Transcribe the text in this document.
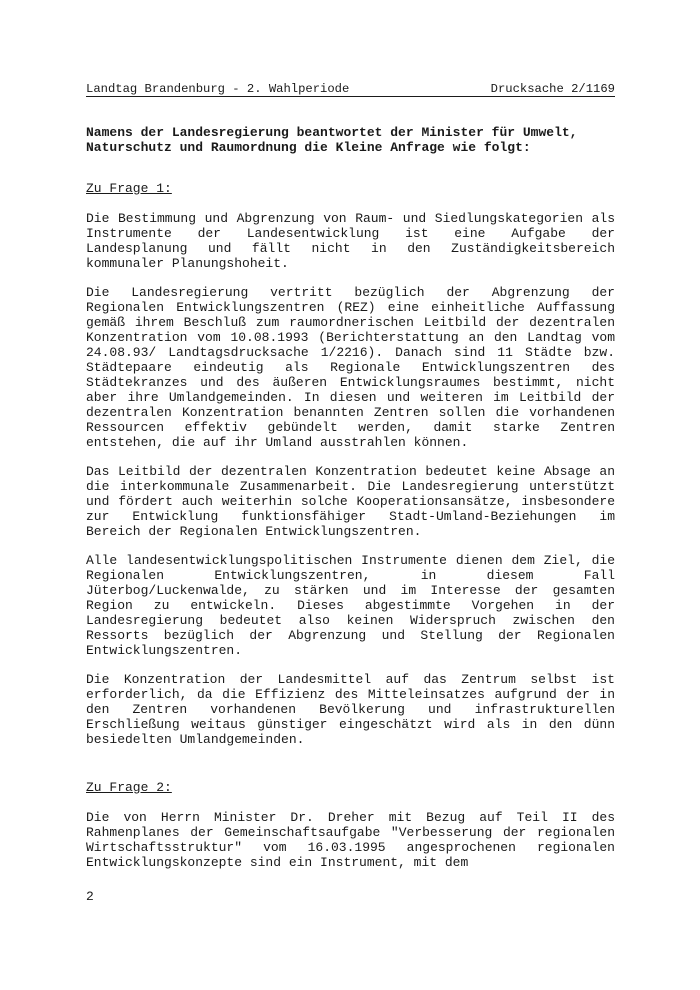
Landtag Brandenburg - 2. Wahlperiode	Drucksache 2/1169
Namens der Landesregierung beantwortet der Minister für Umwelt, Naturschutz und Raumordnung die Kleine Anfrage wie folgt:
Zu Frage 1:
Die Bestimmung und Abgrenzung von Raum- und Siedlungskategorien als Instrumente der Landesentwicklung ist eine Aufgabe der Landesplanung und fällt nicht in den Zuständigkeitsbereich kommunaler Planungshoheit.
Die Landesregierung vertritt bezüglich der Abgrenzung der Regionalen Entwicklungszentren (REZ) eine einheitliche Auffassung gemäß ihrem Beschluß zum raumordnerischen Leitbild der dezentralen Konzentration vom 10.08.1993 (Berichterstattung an den Landtag vom 24.08.93/ Landtagsdrucksache 1/2216). Danach sind 11 Städte bzw. Städtepaare eindeutig als Regionale Entwicklungszentren des Städtekranzes und des äußeren Entwicklungsraumes bestimmt, nicht aber ihre Umlandgemeinden. In diesen und weiteren im Leitbild der dezentralen Konzentration benannten Zentren sollen die vorhandenen Ressourcen effektiv gebündelt werden, damit starke Zentren entstehen, die auf ihr Umland ausstrahlen können.
Das Leitbild der dezentralen Konzentration bedeutet keine Absage an die interkommunale Zusammenarbeit. Die Landesregierung unterstützt und fördert auch weiterhin solche Kooperationsansätze, insbesondere zur Entwicklung funktionsfähiger Stadt-Umland-Beziehungen im Bereich der Regionalen Entwicklungszentren.
Alle landesentwicklungspolitischen Instrumente dienen dem Ziel, die Regionalen Entwicklungszentren, in diesem Fall Jüterbog/Luckenwalde, zu stärken und im Interesse der gesamten Region zu entwickeln. Dieses abgestimmte Vorgehen in der Landesregierung bedeutet also keinen Widerspruch zwischen den Ressorts bezüglich der Abgrenzung und Stellung der Regionalen Entwicklungszentren.
Die Konzentration der Landesmittel auf das Zentrum selbst ist erforderlich, da die Effizienz des Mitteleinsatzes aufgrund der in den Zentren vorhandenen Bevölkerung und infrastrukturellen Erschließung weitaus günstiger eingeschätzt wird als in den dünn besiedelten Umlandgemeinden.
Zu Frage 2:
Die von Herrn Minister Dr. Dreher mit Bezug auf Teil II des Rahmenplanes der Gemeinschaftsaufgabe "Verbesserung der regionalen Wirtschaftsstruktur" vom 16.03.1995 angesprochenen regionalen Entwicklungskonzepte sind ein Instrument, mit dem
2
